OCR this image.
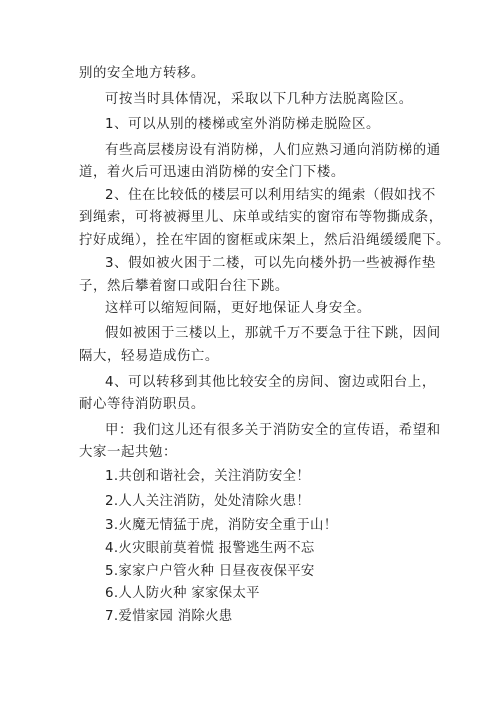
别的安全地方转移。
可按当时具体情况，采取以下几种方法脱离险区。
1、可以从别的楼梯或室外消防梯走脱险区。
有些高层楼房设有消防梯，人们应熟习通向消防梯的通
道，着火后可迅速由消防梯的安全门下楼。
2、住在比较低的楼层可以利用结实的绳索（假如找不
到绳索，可将被褥里儿、床单或结实的窗帘布等物撕成条，
拧好成绳），拴在牢固的窗框或床架上，然后沿绳缓缓爬下。
3、假如被火困于二楼，可以先向楼外扔一些被褥作垫
子，然后攀着窗口或阳台往下跳。
这样可以缩短间隔，更好地保证人身安全。
假如被困于三楼以上，那就千万不要急于往下跳，因间
隔大，轻易造成伤亡。
4、可以转移到其他比较安全的房间、窗边或阳台上，
耐心等待消防职员。
甲：我们这儿还有很多关于消防安全的宣传语，希望和
大家一起共勉：
1.共创和谐社会，关注消防安全！
2.人人关注消防，处处清除火患！
3.火魔无情猛于虎，消防安全重于山！
4.火灾眼前莫着慌 报警逃生两不忘
5.家家户户管火种 日昼夜夜保平安
6.人人防火种 家家保太平
7.爱惜家园 消除火患
